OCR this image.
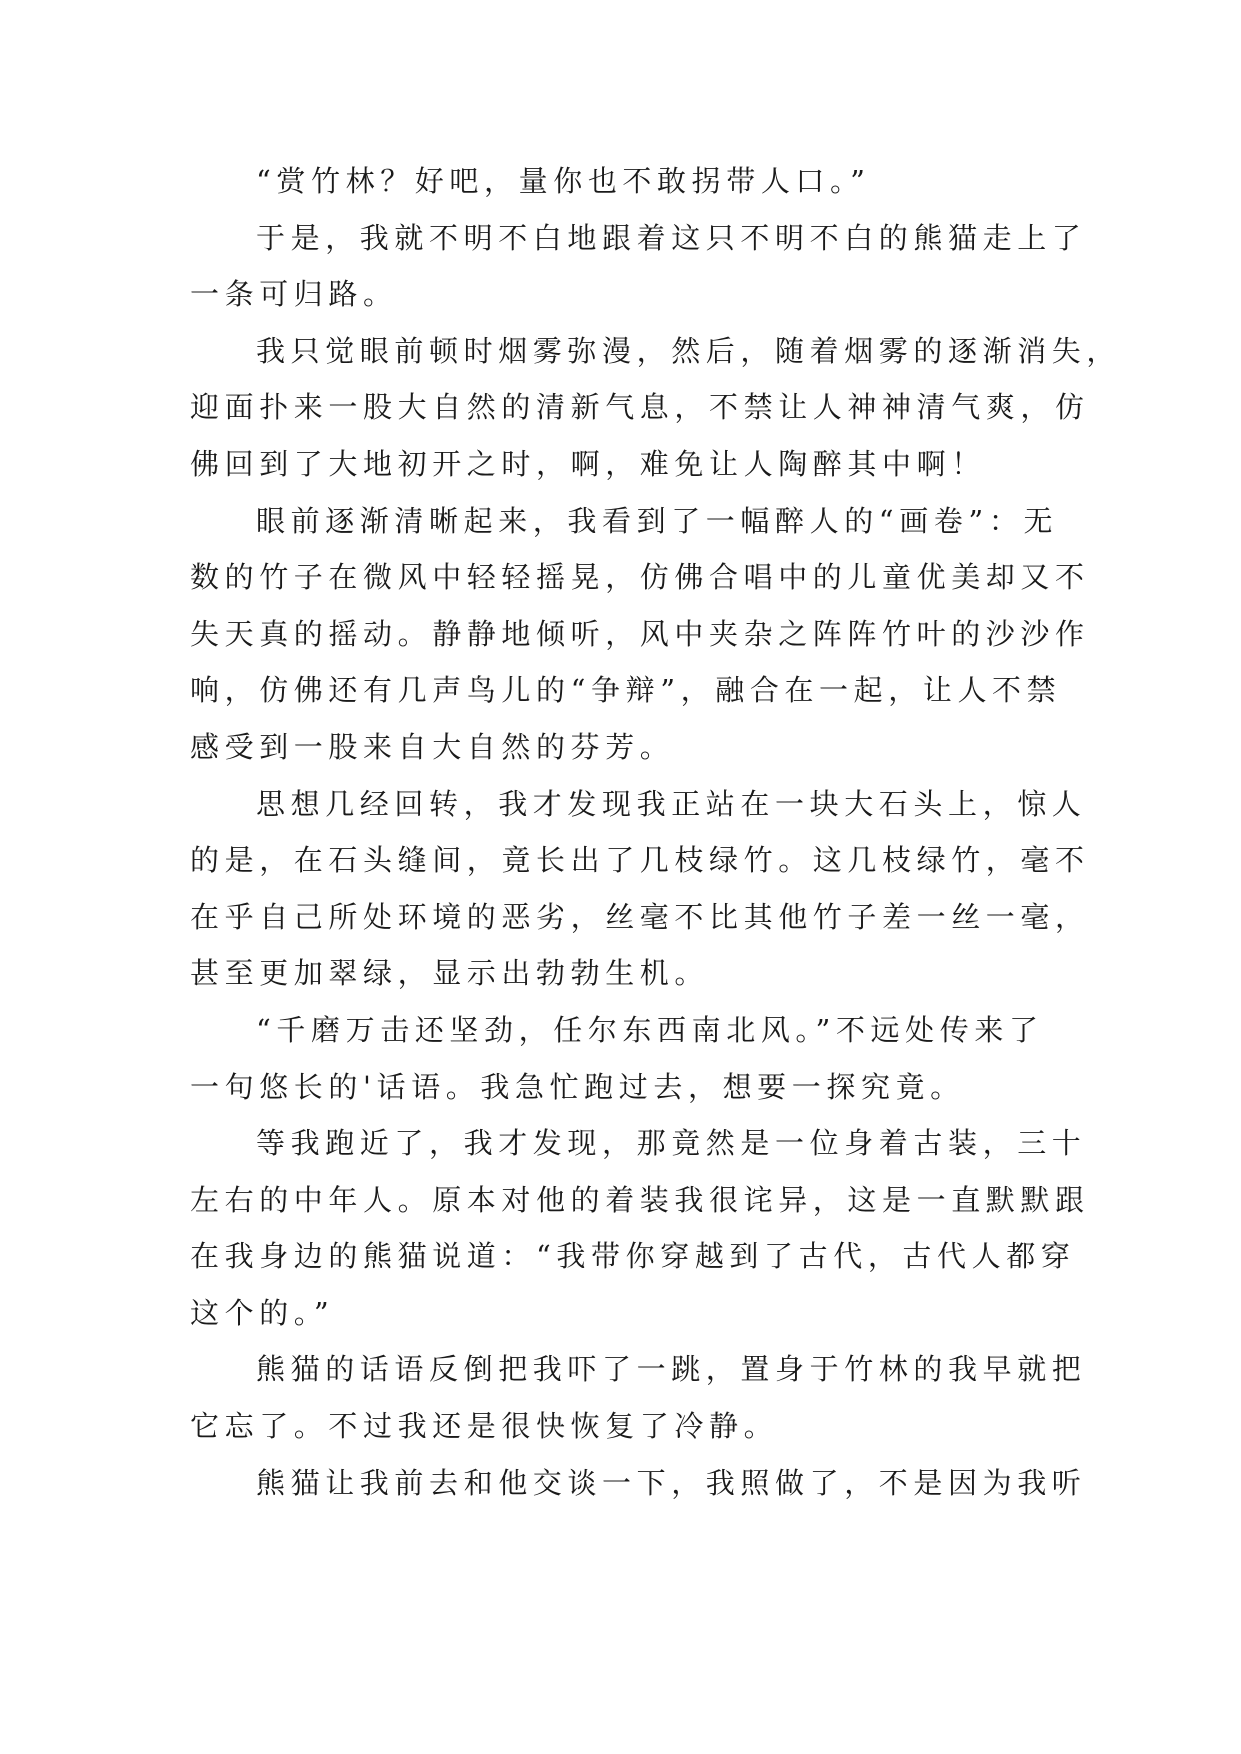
“赏竹林？好吧，量你也不敢拐带人口。”
于是，我就不明不白地跟着这只不明不白的熊猫走上了
一条可归路。
我只觉眼前顿时烟雾弥漫，然后，随着烟雾的逐渐消失，
迎面扑来一股大自然的清新气息，不禁让人神神清气爽，仿
佛回到了大地初开之时，啊，难免让人陶醉其中啊！
眼前逐渐清晰起来，我看到了一幅醉人的“画卷”：无
数的竹子在微风中轻轻摇晃，仿佛合唱中的儿童优美却又不
失天真的摇动。静静地倾听，风中夹杂之阵阵竹叶的沙沙作
响，仿佛还有几声鸟儿的“争辩”，融合在一起，让人不禁
感受到一股来自大自然的芬芳。
思想几经回转，我才发现我正站在一块大石头上，惊人
的是，在石头缝间，竟长出了几枝绿竹。这几枝绿竹，毫不
在乎自己所处环境的恶劣，丝毫不比其他竹子差一丝一毫，
甚至更加翠绿，显示出勃勃生机。
“千磨万击还坚劲，任尔东西南北风。”不远处传来了
一句悠长的'话语。我急忙跑过去，想要一探究竟。
等我跑近了，我才发现，那竟然是一位身着古装，三十
左右的中年人。原本对他的着装我很诧异，这是一直默默跟
在我身边的熊猫说道：“我带你穿越到了古代，古代人都穿
这个的。”
熊猫的话语反倒把我吓了一跳，置身于竹林的我早就把
它忘了。不过我还是很快恢复了冷静。
熊猫让我前去和他交谈一下，我照做了，不是因为我听
